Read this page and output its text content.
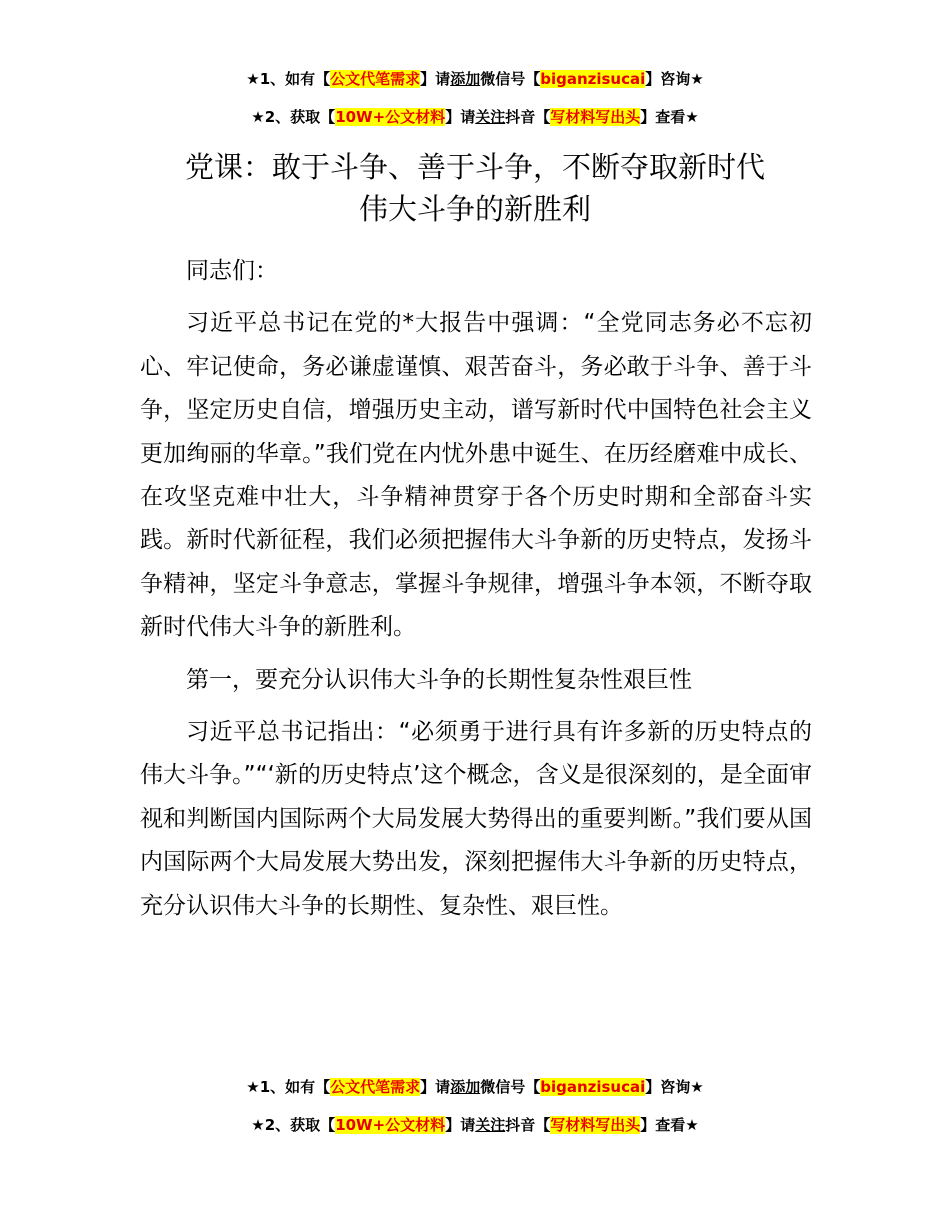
★1、如有【公文代笔需求】请添加微信号【biganzisucai】咨询★
★2、获取【10W+公文材料】请关注抖音【写材料写出头】查看★
党课：敢于斗争、善于斗争，不断夺取新时代
伟大斗争的新胜利

同志们：

习近平总书记在党的*大报告中强调：“全党同志务必不忘初心、牢记使命，务必谦虚谨慎、艰苦奋斗，务必敢于斗争、善于斗争，坚定历史自信，增强历史主动，谱写新时代中国特色社会主义更加绚丽的华章。”我们党在内忧外患中诞生、在历经磨难中成长、在攻坚克难中壮大，斗争精神贯穿于各个历史时期和全部奋斗实践。新时代新征程，我们必须把握伟大斗争新的历史特点，发扬斗争精神，坚定斗争意志，掌握斗争规律，增强斗争本领，不断夺取新时代伟大斗争的新胜利。

第一，要充分认识伟大斗争的长期性复杂性艰巨性

习近平总书记指出：“必须勇于进行具有许多新的历史特点的伟大斗争。”“‘新的历史特点’这个概念，含义是很深刻的，是全面审视和判断国内国际两个大局发展大势得出的重要判断。”我们要从国内国际两个大局发展大势出发，深刻把握伟大斗争新的历史特点，充分认识伟大斗争的长期性、复杂性、艰巨性。

★1、如有【公文代笔需求】请添加微信号【biganzisucai】咨询★
★2、获取【10W+公文材料】请关注抖音【写材料写出头】查看★
